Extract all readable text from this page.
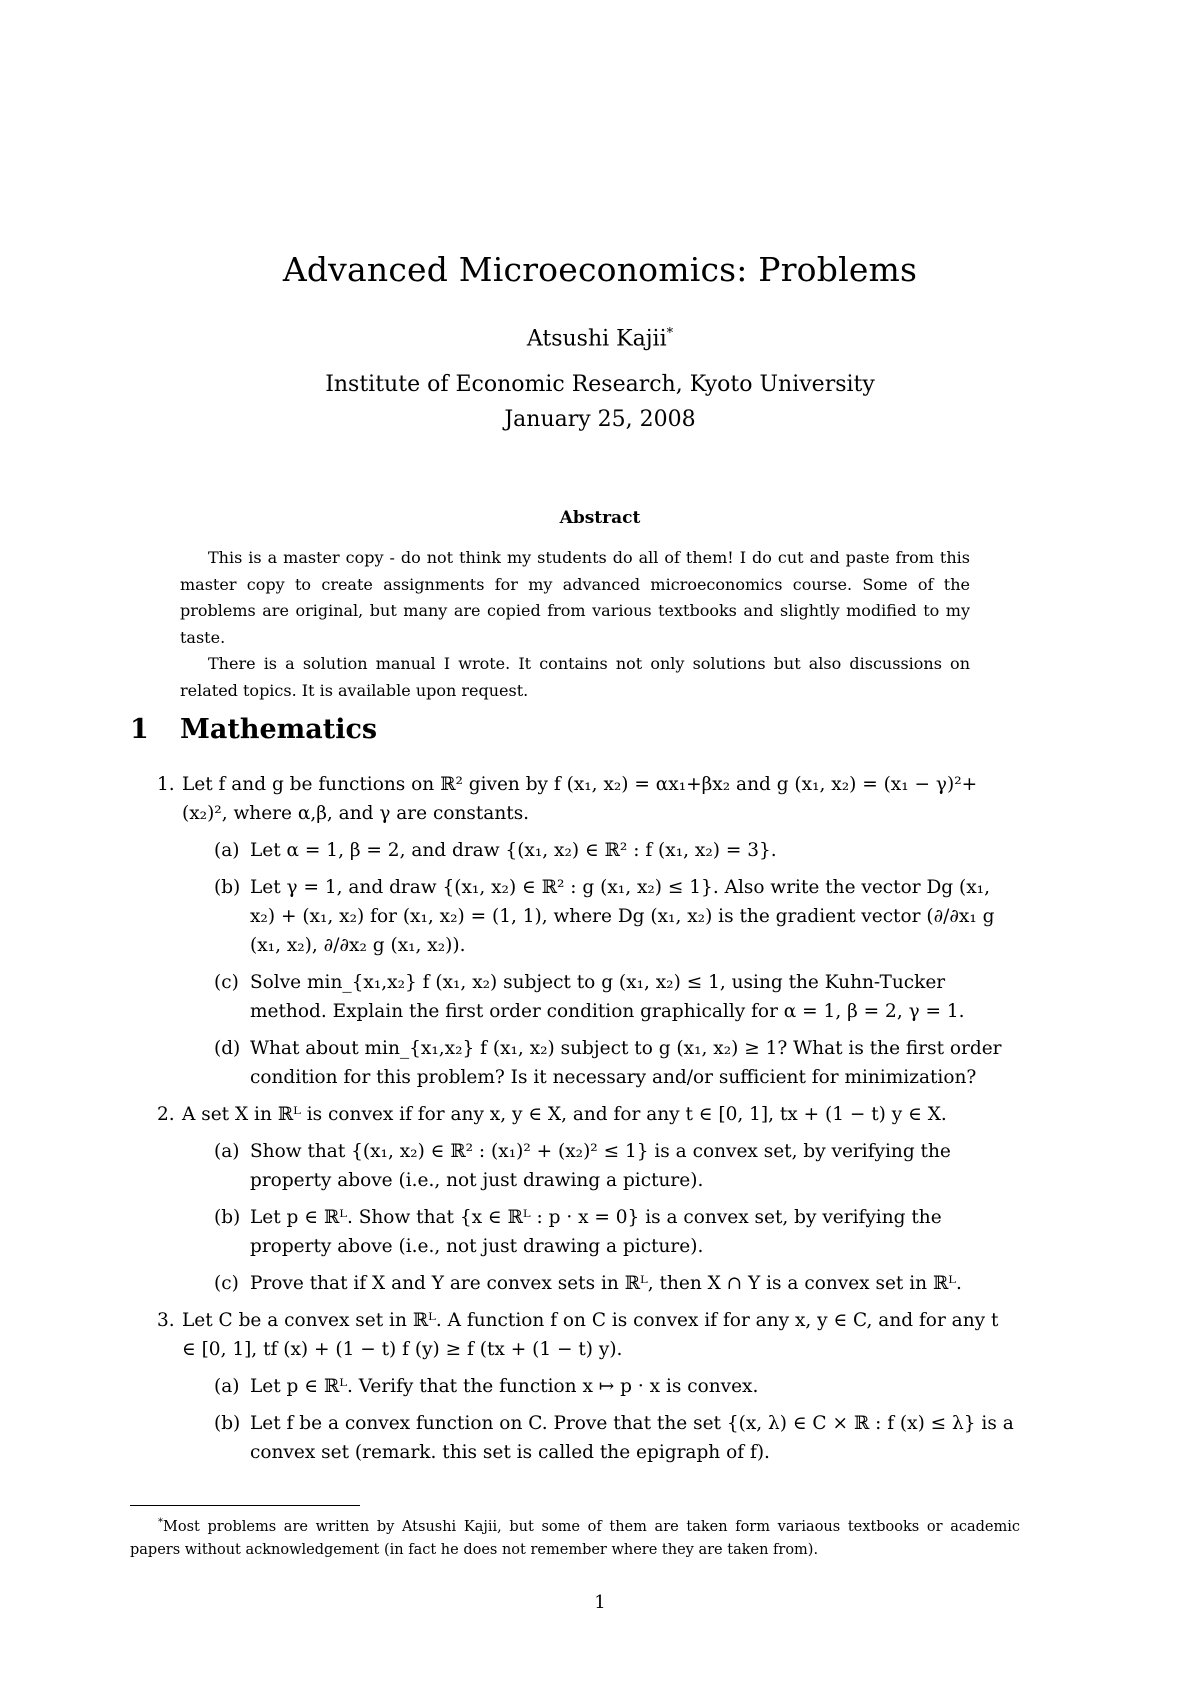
Advanced Microeconomics: Problems
Atsushi Kajii*
Institute of Economic Research, Kyoto University
January 25, 2008
Abstract

This is a master copy - do not think my students do all of them! I do cut and paste from this master copy to create assignments for my advanced microeconomics course. Some of the problems are original, but many are copied from various textbooks and slightly modified to my taste.

There is a solution manual I wrote. It contains not only solutions but also discussions on related topics. It is available upon request.

1 Mathematics
1. Let f and g be functions on ℝ² given by f (x₁, x₂) = αx₁+βx₂ and g (x₁, x₂) = (x₁ − γ)²+(x₂)², where α,β, and γ are constants.
(a) Let α = 1, β = 2, and draw {(x₁, x₂) ∈ ℝ² : f (x₁, x₂) = 3}.
(b) Let γ = 1, and draw {(x₁, x₂) ∈ ℝ² : g (x₁, x₂) ≤ 1}. Also write the vector Dg (x₁, x₂) + (x₁, x₂) for (x₁, x₂) = (1, 1), where Dg (x₁, x₂) is the gradient vector (∂/∂x₁ g (x₁, x₂), ∂/∂x₂ g (x₁, x₂)).
(c) Solve min_{x₁,x₂} f (x₁, x₂) subject to g (x₁, x₂) ≤ 1, using the Kuhn-Tucker method. Explain the first order condition graphically for α = 1, β = 2, γ = 1.
(d) What about min_{x₁,x₂} f (x₁, x₂) subject to g (x₁, x₂) ≥ 1? What is the first order condition for this problem? Is it necessary and/or sufficient for minimization?
2. A set X in ℝᴸ is convex if for any x, y ∈ X, and for any t ∈ [0, 1], tx + (1 − t) y ∈ X.
(a) Show that {(x₁, x₂) ∈ ℝ² : (x₁)² + (x₂)² ≤ 1} is a convex set, by verifying the property above (i.e., not just drawing a picture).
(b) Let p ∈ ℝᴸ. Show that {x ∈ ℝᴸ : p · x = 0} is a convex set, by verifying the property above (i.e., not just drawing a picture).
(c) Prove that if X and Y are convex sets in ℝᴸ, then X ∩ Y is a convex set in ℝᴸ.
3. Let C be a convex set in ℝᴸ. A function f on C is convex if for any x, y ∈ C, and for any t ∈ [0, 1], tf (x) + (1 − t) f (y) ≥ f (tx + (1 − t) y).
(a) Let p ∈ ℝᴸ. Verify that the function x ↦ p · x is convex.
(b) Let f be a convex function on C. Prove that the set {(x, λ) ∈ C × ℝ : f (x) ≤ λ} is a convex set (remark. this set is called the epigraph of f).
*Most problems are written by Atsushi Kajii, but some of them are taken form variaous textbooks or academic papers without acknowledgement (in fact he does not remember where they are taken from).
1
